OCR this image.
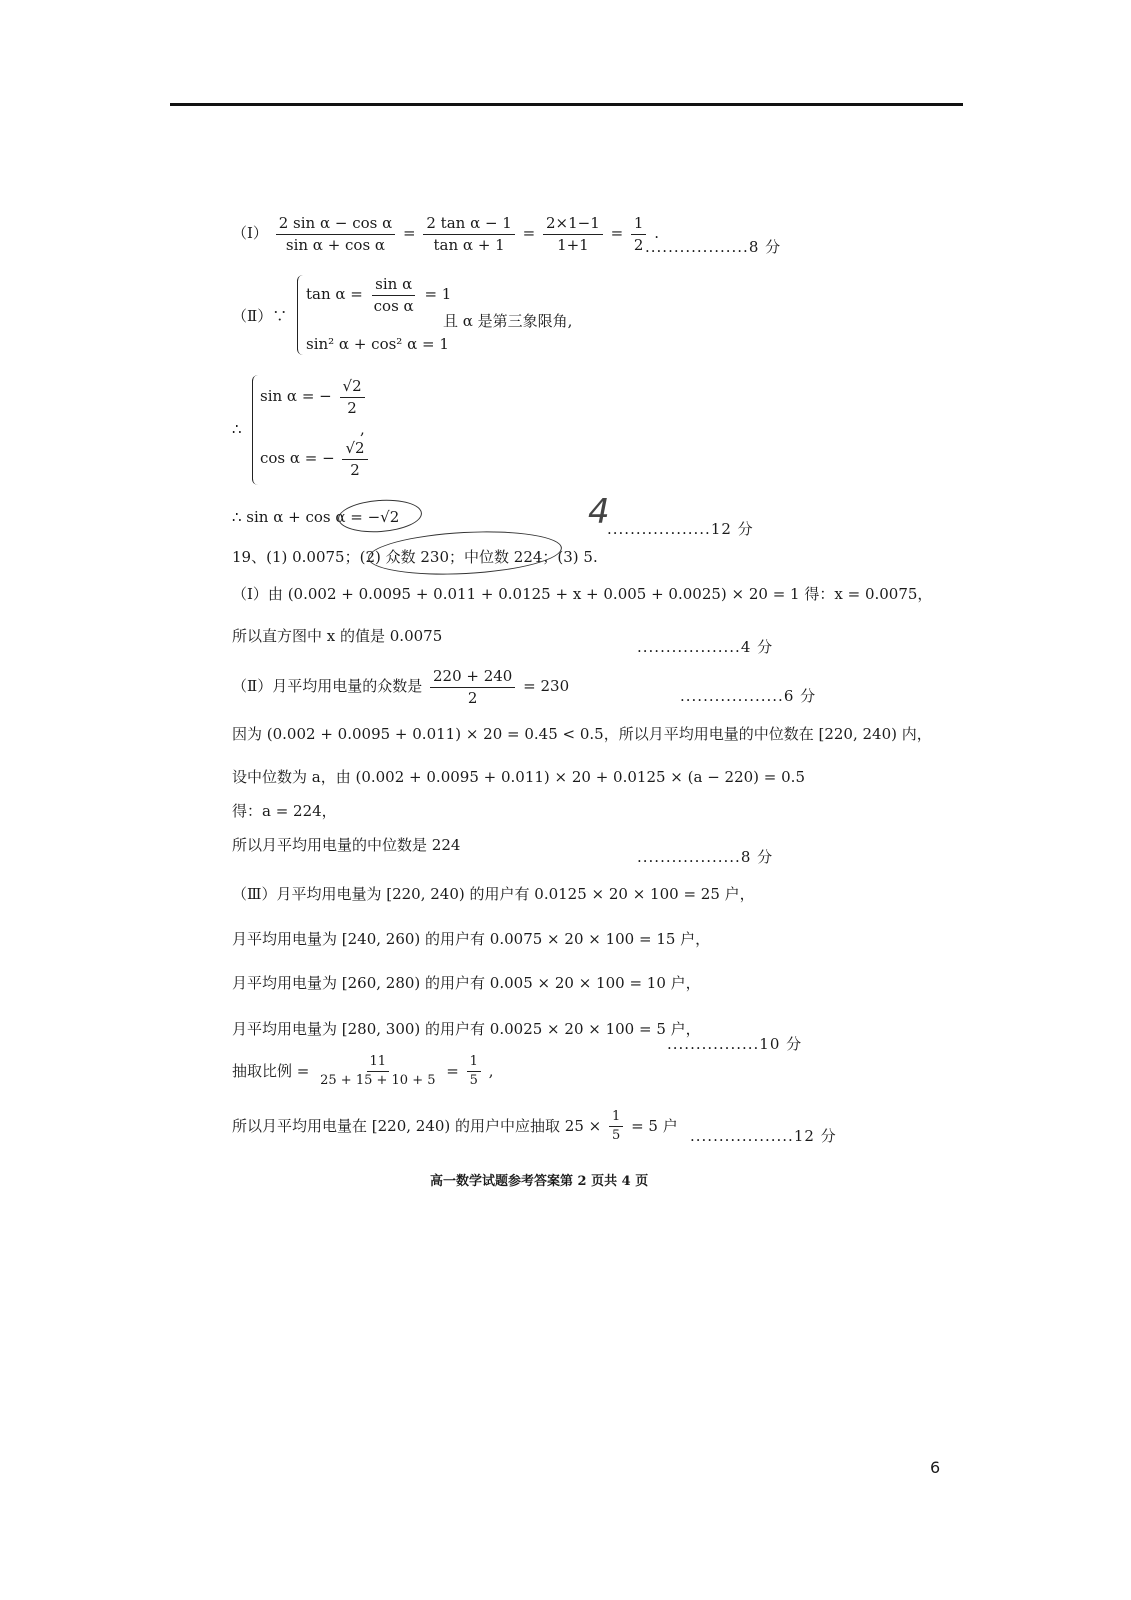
（Ⅰ） $\frac{\text{2 sin α − cos α}}{\text{sin α + cos α}} = \frac{\text{2 tan α − 1}}{\text{tan α + 1}} = \frac{2\times 1-1}{1+1} = \frac{1}{2}$ .
..................8 分
（Ⅱ）∵
$\tan \alpha = \frac{\text{sin α}}{\text{cos α}} = 1$
sin² α + cos² α = 1
且 α 是第三象限角,
∴
sin α = − $\frac{√2}{2}$
cos α = − $\frac{√2}{2}$
,
4
∴ sin α + cos α = −√2
..................12 分
19、(1) 0.0075；(2) 众数 230；中位数 224；(3) 5.
（Ⅰ）由 (0.002 + 0.0095 + 0.011 + 0.0125 + x + 0.005 + 0.0025) × 20 = 1 得：x = 0.0075，
所以直方图中 x 的值是 0.0075
..................4 分
（Ⅱ）月平均用电量的众数是 $\frac{220 + 240}{2} = 230$
..................6 分
因为 (0.002 + 0.0095 + 0.011) × 20 = 0.45 < 0.5，所以月平均用电量的中位数在 [220, 240) 内，
设中位数为 a，由 (0.002 + 0.0095 + 0.011) × 20 + 0.0125 × (a − 220) = 0.5
得：a = 224，
所以月平均用电量的中位数是 224
..................8 分
（Ⅲ）月平均用电量为 [220, 240) 的用户有 0.0125 × 20 × 100 = 25 户，
月平均用电量为 [240, 260) 的用户有 0.0075 × 20 × 100 = 15 户，
月平均用电量为 [260, 280) 的用户有 0.005 × 20 × 100 = 10 户，
月平均用电量为 [280, 300) 的用户有 0.0025 × 20 × 100 = 5 户，
................10 分
抽取比例 = $\frac{11}{25 + 15 + 10 + 5} = \frac{1}{5}$ ,
所以月平均用电量在 [220, 240) 的用户中应抽取 $25 \times \frac{1}{5} = 5$ 户
..................12 分
高一数学试题参考答案第 2 页共 4 页
6
